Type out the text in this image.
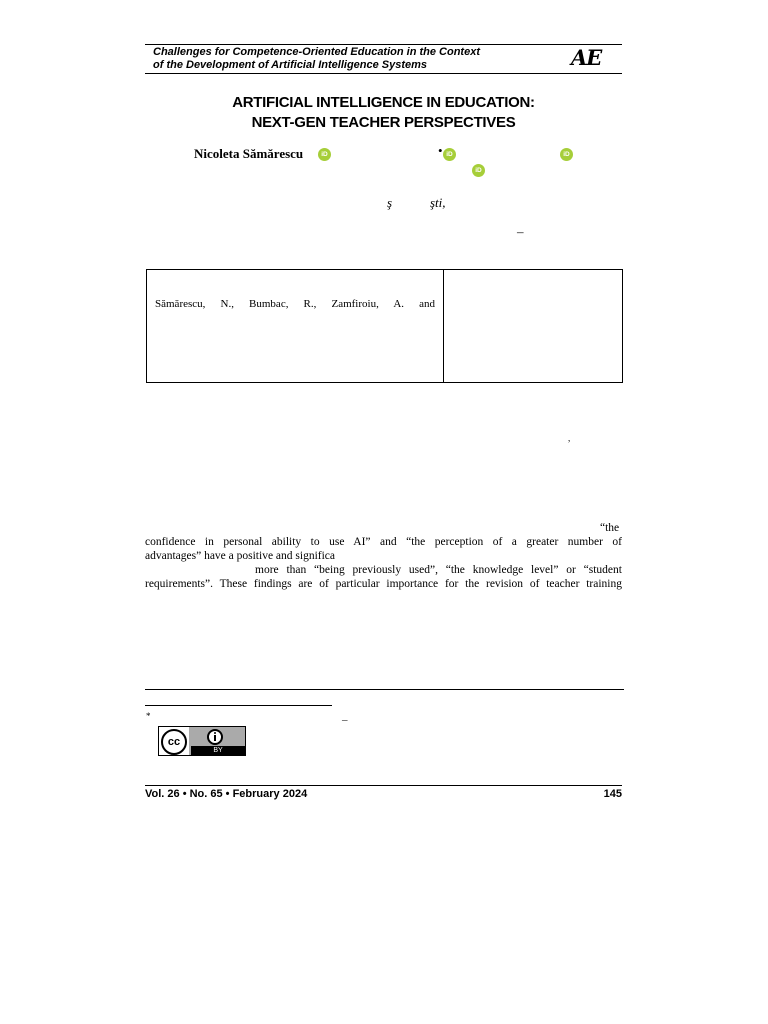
Challenges for Competence-Oriented Education in the Context
of the Development of Artificial Intelligence Systems	AE
ARTIFICIAL INTELLIGENCE IN EDUCATION:
NEXT-GEN TEACHER PERSPECTIVES
Nicoleta Sămărescu	iD	• iD	iD
iD
ş	şti,
–
Sămărescu, N., Bumbac, R., Zamfiroiu, A. and
,
“the
confidence in personal ability to use AI” and “the perception of a greater number of
advantages” have a positive and significa
more than “being previously used”, “the knowledge level” or “student
requirements”. These findings are of particular importance for the revision of teacher training
*	–
cc
BY
Vol. 26 • No. 65 • February 2024	145
